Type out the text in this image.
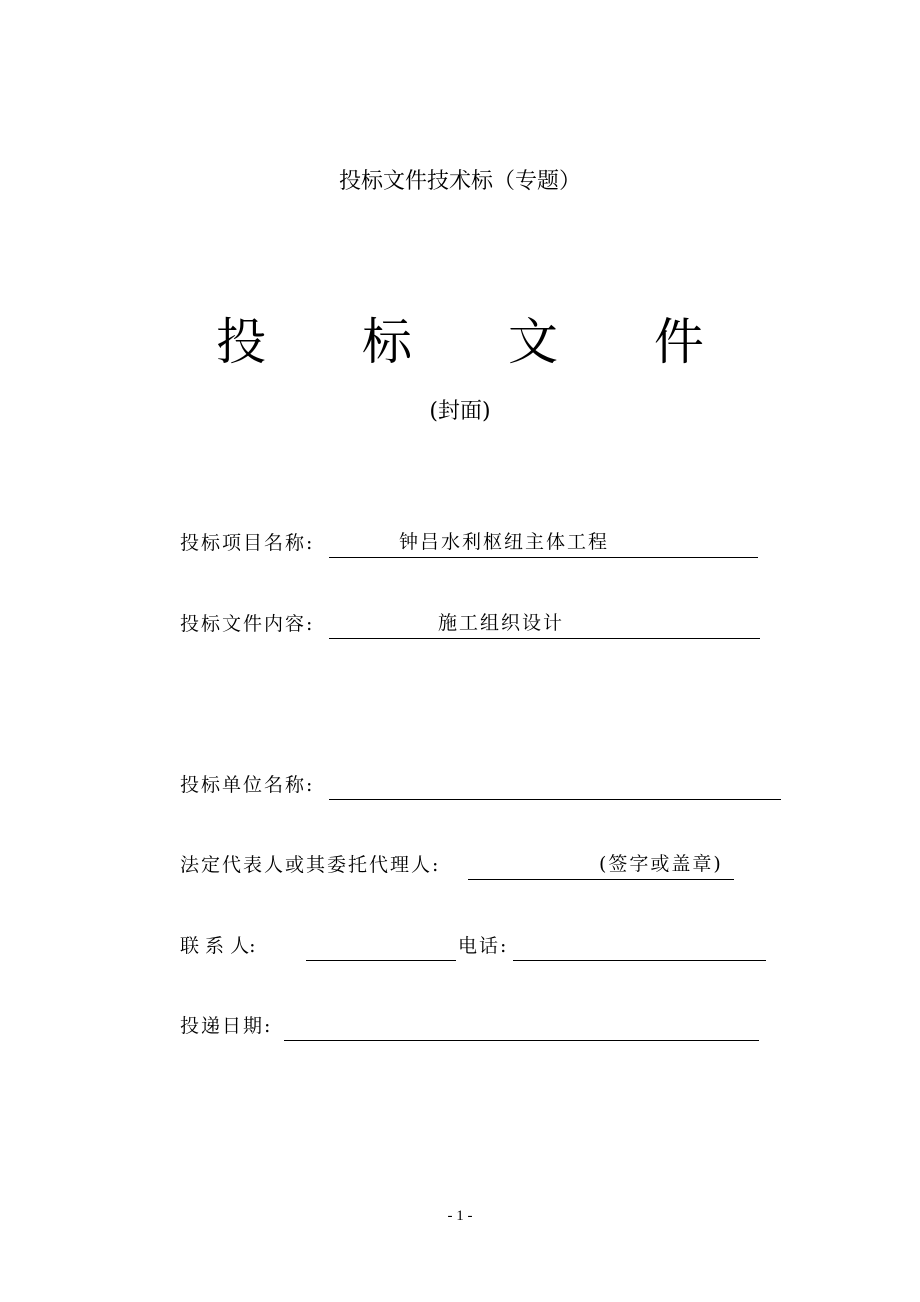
投标文件技术标（专题）
投 标 文 件
(封面)
投标项目名称:	钟吕水利枢纽主体工程
投标文件内容:	施工组织设计
投标单位名称:
法定代表人或其委托代理人:	(签字或盖章)
联 系 人:	电话:
投递日期:
- 1 -
